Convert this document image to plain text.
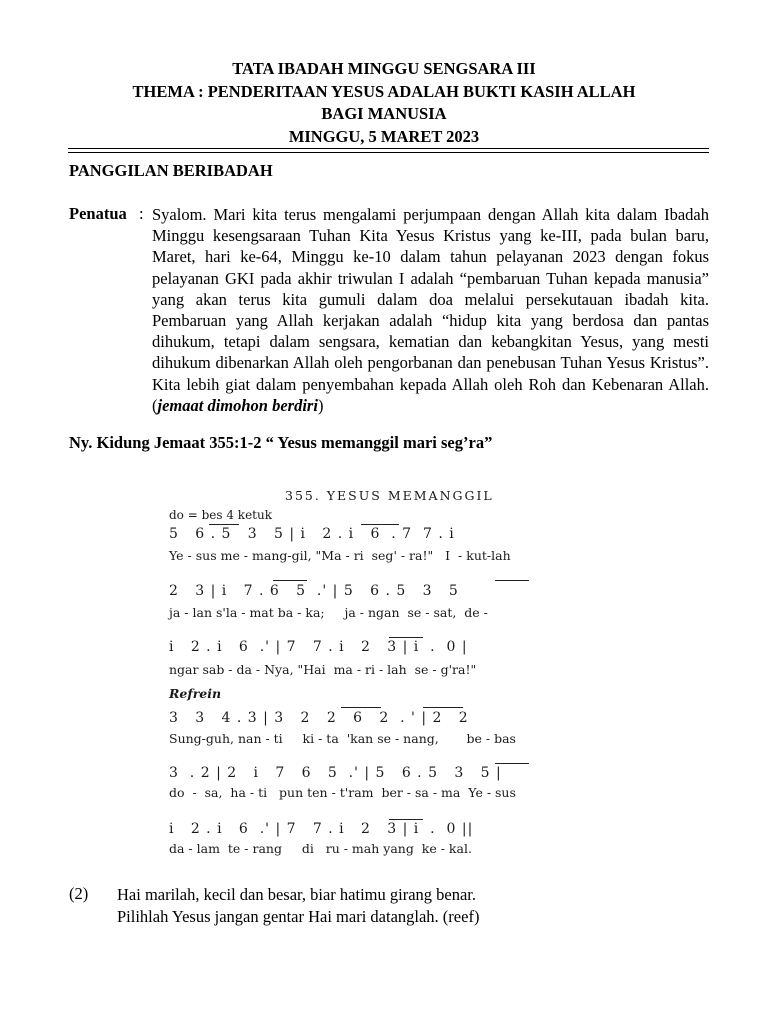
TATA IBADAH MINGGU SENGSARA III
THEMA : PENDERITAAN YESUS ADALAH BUKTI KASIH ALLAH
BAGI MANUSIA
MINGGU, 5 MARET 2023
PANGGILAN BERIBADAH
Penatua : Syalom. Mari kita terus mengalami perjumpaan dengan Allah kita dalam Ibadah Minggu kesengsaraan Tuhan Kita Yesus Kristus yang ke-III, pada bulan baru, Maret, hari ke-64, Minggu ke-10 dalam tahun pelayanan 2023 dengan fokus pelayanan GKI pada akhir triwulan I adalah “pembaruan Tuhan kepada manusia” yang akan terus kita gumuli dalam doa melalui persekutauan ibadah kita. Pembaruan yang Allah kerjakan adalah “hidup kita yang berdosa dan pantas dihukum, tetapi dalam sengsara, kematian dan kebangkitan Yesus, yang mesti dihukum dibenarkan Allah oleh pengorbanan dan penebusan Tuhan Yesus Kristus”. Kita lebih giat dalam penyembahan kepada Allah oleh Roh dan Kebenaran Allah. (jemaat dimohon berdiri)
Ny. Kidung Jemaat 355:1-2 “ Yesus memanggil mari seg’ra”
355. YESUS MEMANGGIL
do = bes 4 ketuk
5   6 . 5   3   5 | i   2 . i   6  . 7  7 . i
Ye - sus me - mang-gil, "Ma - ri  seg' - ra!"   I  - kut-lah
2   3 | i   7 . 6   5  .' | 5   6 . 5   3   5
ja - lan s'la - mat ba - ka;     ja - ngan  se - sat,  de -
i   2 . i   6  .' | 7   7 . i   2   3 | i  .  0 |
ngar sab - da - Nya, "Hai  ma - ri - lah  se - g'ra!"
Refrein
3   3   4 . 3 | 3   2   2   6   2  . ' | 2   2
Sung-guh, nan - ti     ki - ta  'kan se - nang,       be - bas
3  . 2 | 2   i   7   6   5  .' | 5   6 . 5   3   5 |
do  -  sa,  ha - ti   pun ten - t'ram  ber - sa - ma  Ye - sus
i   2 . i   6  .' | 7   7 . i   2   3 | i  .  0 ||
da - lam  te - rang     di   ru - mah yang  ke - kal.
(2) Hai marilah, kecil dan besar, biar hatimu girang benar.
Pilihlah Yesus jangan gentar Hai mari datanglah. (reef)
